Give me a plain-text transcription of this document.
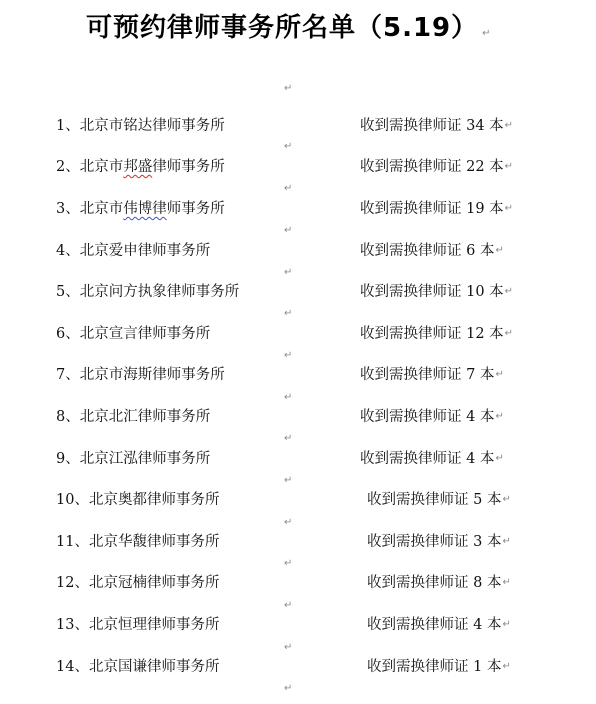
可预约律师事务所名单（5.19） ↵
↵
1、北京市铭达律师事务所	收到需换律师证 34 本 ↵
↵
2、北京市邦盛律师事务所	收到需换律师证 22 本 ↵
↵
3、北京市伟博律师事务所	收到需换律师证 19 本 ↵
↵
4、北京爱申律师事务所	收到需换律师证 6 本 ↵
↵
5、北京问方执象律师事务所	收到需换律师证 10 本 ↵
↵
6、北京宣言律师事务所	收到需换律师证 12 本 ↵
↵
7、北京市海斯律师事务所	收到需换律师证 7 本 ↵
↵
8、北京北汇律师事务所	收到需换律师证 4 本 ↵
↵
9、北京江泓律师事务所	收到需换律师证 4 本 ↵
↵
10、北京奥都律师事务所	收到需换律师证 5 本 ↵
↵
11、北京华馥律师事务所	收到需换律师证 3 本 ↵
↵
12、北京冠楠律师事务所	收到需换律师证 8 本 ↵
↵
13、北京恒理律师事务所	收到需换律师证 4 本 ↵
↵
14、北京国谦律师事务所	收到需换律师证 1 本 ↵
↵
